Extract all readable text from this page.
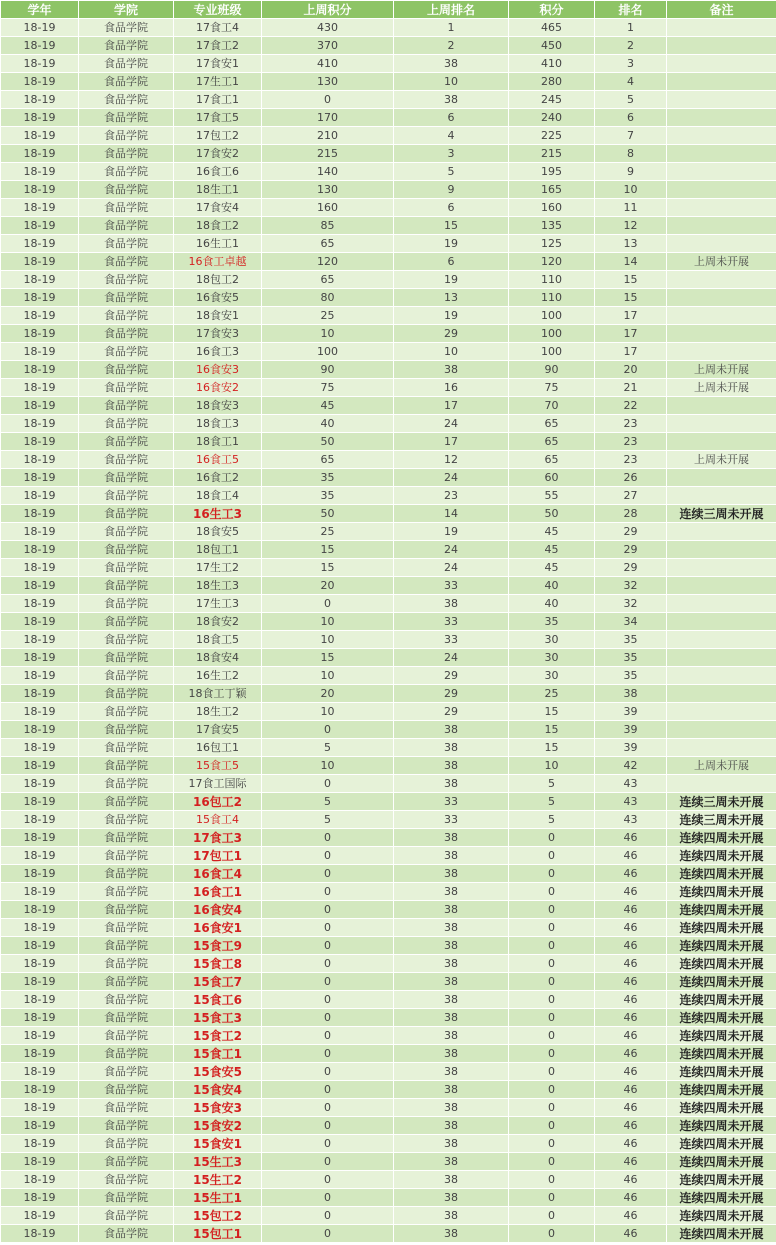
学年	学院	专业班级	上周积分	上周排名	积分	排名	备注
18-19	食品学院	17食工4	430	1	465	1	
18-19	食品学院	17食工2	370	2	450	2	
18-19	食品学院	17食安1	410	38	410	3	
18-19	食品学院	17生工1	130	10	280	4	
18-19	食品学院	17食工1	0	38	245	5	
18-19	食品学院	17食工5	170	6	240	6	
18-19	食品学院	17包工2	210	4	225	7	
18-19	食品学院	17食安2	215	3	215	8	
18-19	食品学院	16食工6	140	5	195	9	
18-19	食品学院	18生工1	130	9	165	10	
18-19	食品学院	17食安4	160	6	160	11	
18-19	食品学院	18食工2	85	15	135	12	
18-19	食品学院	16生工1	65	19	125	13	
18-19	食品学院	16食工卓越	120	6	120	14	上周未开展
18-19	食品学院	18包工2	65	19	110	15	
18-19	食品学院	16食安5	80	13	110	15	
18-19	食品学院	18食安1	25	19	100	17	
18-19	食品学院	17食安3	10	29	100	17	
18-19	食品学院	16食工3	100	10	100	17	
18-19	食品学院	16食安3	90	38	90	20	上周未开展
18-19	食品学院	16食安2	75	16	75	21	上周未开展
18-19	食品学院	18食安3	45	17	70	22	
18-19	食品学院	18食工3	40	24	65	23	
18-19	食品学院	18食工1	50	17	65	23	
18-19	食品学院	16食工5	65	12	65	23	上周未开展
18-19	食品学院	16食工2	35	24	60	26	
18-19	食品学院	18食工4	35	23	55	27	
18-19	食品学院	16生工3	50	14	50	28	连续三周未开展
18-19	食品学院	18食安5	25	19	45	29	
18-19	食品学院	18包工1	15	24	45	29	
18-19	食品学院	17生工2	15	24	45	29	
18-19	食品学院	18生工3	20	33	40	32	
18-19	食品学院	17生工3	0	38	40	32	
18-19	食品学院	18食安2	10	33	35	34	
18-19	食品学院	18食工5	10	33	30	35	
18-19	食品学院	18食安4	15	24	30	35	
18-19	食品学院	16生工2	10	29	30	35	
18-19	食品学院	18食工丁颖	20	29	25	38	
18-19	食品学院	18生工2	10	29	15	39	
18-19	食品学院	17食安5	0	38	15	39	
18-19	食品学院	16包工1	5	38	15	39	
18-19	食品学院	15食工5	10	38	10	42	上周未开展
18-19	食品学院	17食工国际	0	38	5	43	
18-19	食品学院	16包工2	5	33	5	43	连续三周未开展
18-19	食品学院	15食工4	5	33	5	43	连续三周未开展
18-19	食品学院	17食工3	0	38	0	46	连续四周未开展
18-19	食品学院	17包工1	0	38	0	46	连续四周未开展
18-19	食品学院	16食工4	0	38	0	46	连续四周未开展
18-19	食品学院	16食工1	0	38	0	46	连续四周未开展
18-19	食品学院	16食安4	0	38	0	46	连续四周未开展
18-19	食品学院	16食安1	0	38	0	46	连续四周未开展
18-19	食品学院	15食工9	0	38	0	46	连续四周未开展
18-19	食品学院	15食工8	0	38	0	46	连续四周未开展
18-19	食品学院	15食工7	0	38	0	46	连续四周未开展
18-19	食品学院	15食工6	0	38	0	46	连续四周未开展
18-19	食品学院	15食工3	0	38	0	46	连续四周未开展
18-19	食品学院	15食工2	0	38	0	46	连续四周未开展
18-19	食品学院	15食工1	0	38	0	46	连续四周未开展
18-19	食品学院	15食安5	0	38	0	46	连续四周未开展
18-19	食品学院	15食安4	0	38	0	46	连续四周未开展
18-19	食品学院	15食安3	0	38	0	46	连续四周未开展
18-19	食品学院	15食安2	0	38	0	46	连续四周未开展
18-19	食品学院	15食安1	0	38	0	46	连续四周未开展
18-19	食品学院	15生工3	0	38	0	46	连续四周未开展
18-19	食品学院	15生工2	0	38	0	46	连续四周未开展
18-19	食品学院	15生工1	0	38	0	46	连续四周未开展
18-19	食品学院	15包工2	0	38	0	46	连续四周未开展
18-19	食品学院	15包工1	0	38	0	46	连续四周未开展
